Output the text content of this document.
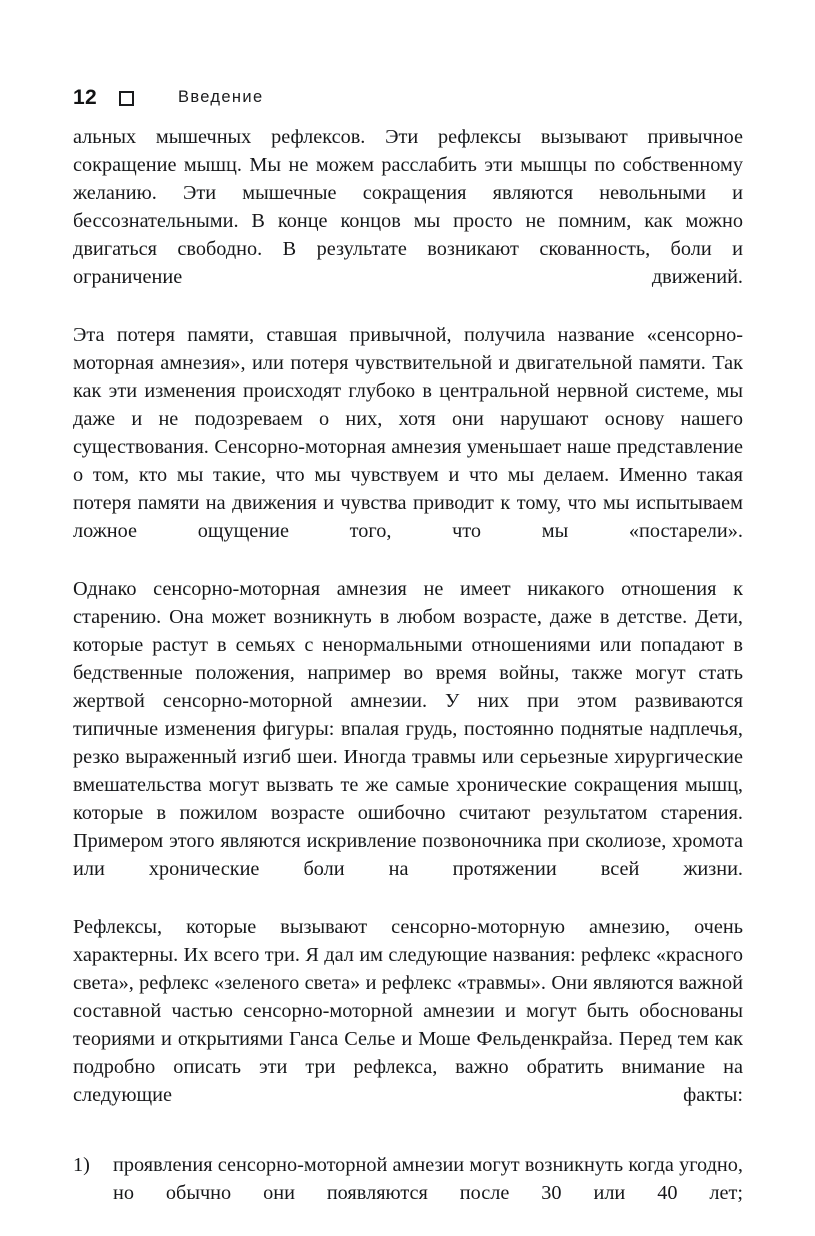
12	Введение

альных мышечных рефлексов. Эти рефлексы вызывают привычное сокращение мышц. Мы не можем расслабить эти мышцы по собственному желанию. Эти мышечные сокращения являются невольными и бессознательными. В конце концов мы просто не помним, как можно двигаться свободно. В результате возникают скованность, боли и ограничение движений.

Эта потеря памяти, ставшая привычной, получила название «сенсорно-моторная амнезия», или потеря чувствительной и двигательной памяти. Так как эти изменения происходят глубоко в центральной нервной системе, мы даже и не подозреваем о них, хотя они нарушают основу нашего существования. Сенсорно-моторная амнезия уменьшает наше представление о том, кто мы такие, что мы чувствуем и что мы делаем. Именно такая потеря памяти на движения и чувства приводит к тому, что мы испытываем ложное ощущение того, что мы «постарели».

Однако сенсорно-моторная амнезия не имеет никакого отношения к старению. Она может возникнуть в любом возрасте, даже в детстве. Дети, которые растут в семьях с ненормальными отношениями или попадают в бедственные положения, например во время войны, также могут стать жертвой сенсорно-моторной амнезии. У них при этом развиваются типичные изменения фигуры: впалая грудь, постоянно поднятые надплечья, резко выраженный изгиб шеи. Иногда травмы или серьезные хирургические вмешательства могут вызвать те же самые хронические сокращения мышц, которые в пожилом возрасте ошибочно считают результатом старения. Примером этого являются искривление позвоночника при сколиозе, хромота или хронические боли на протяжении всей жизни.

Рефлексы, которые вызывают сенсорно-моторную амнезию, очень характерны. Их всего три. Я дал им следующие названия: рефлекс «красного света», рефлекс «зеленого света» и рефлекс «травмы». Они являются важной составной частью сенсорно-моторной амнезии и могут быть обоснованы теориями и открытиями Ганса Селье и Моше Фельденкрайза. Перед тем как подробно описать эти три рефлекса, важно обратить внимание на следующие факты:

1)	проявления сенсорно-моторной амнезии могут возникнуть когда угодно, но обычно они появляются после 30 или 40 лет;
